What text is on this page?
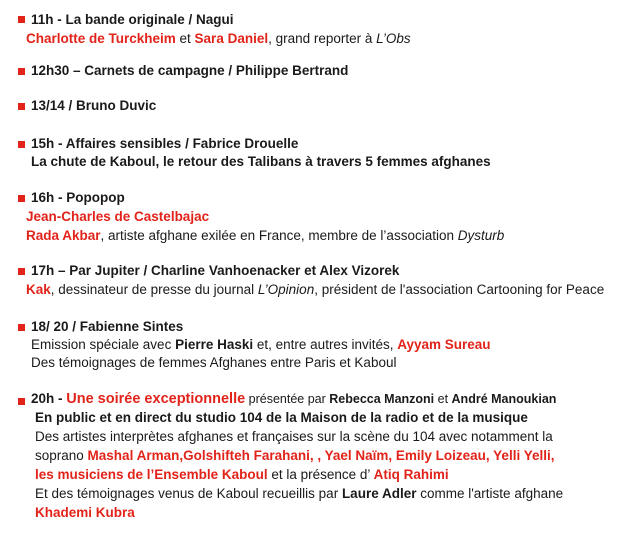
11h - La bande originale / Nagui
Charlotte de Turckheim et Sara Daniel, grand reporter à L’Obs
12h30 – Carnets de campagne / Philippe Bertrand
13/14 / Bruno Duvic
15h - Affaires sensibles / Fabrice Drouelle
La chute de Kaboul, le retour des Talibans à travers 5 femmes afghanes
16h - Popopop
Jean-Charles de Castelbajac
Rada Akbar, artiste afghane exilée en France, membre de l’association Dysturb
17h – Par Jupiter / Charline Vanhoenacker et Alex Vizorek
Kak, dessinateur de presse du journal L’Opinion, président de l'association Cartooning for Peace
18/ 20 / Fabienne Sintes
Emission spéciale avec Pierre Haski et, entre autres invités, Ayyam Sureau
Des témoignages de femmes Afghanes entre Paris et Kaboul
20h - Une soirée exceptionnelle présentée par Rebecca Manzoni et André Manoukian
En public et en direct du studio 104 de la Maison de la radio et de la musique
Des artistes interprètes afghanes et françaises sur la scène du 104 avec notamment la
soprano Mashal Arman,Golshifteh Farahani, , Yael Naïm, Emily Loizeau, Yelli Yelli,
les musiciens de l’Ensemble Kaboul et la présence d’ Atiq Rahimi
Et des témoignages venus de Kaboul recueillis par Laure Adler comme l'artiste afghane
Khademi Kubra
